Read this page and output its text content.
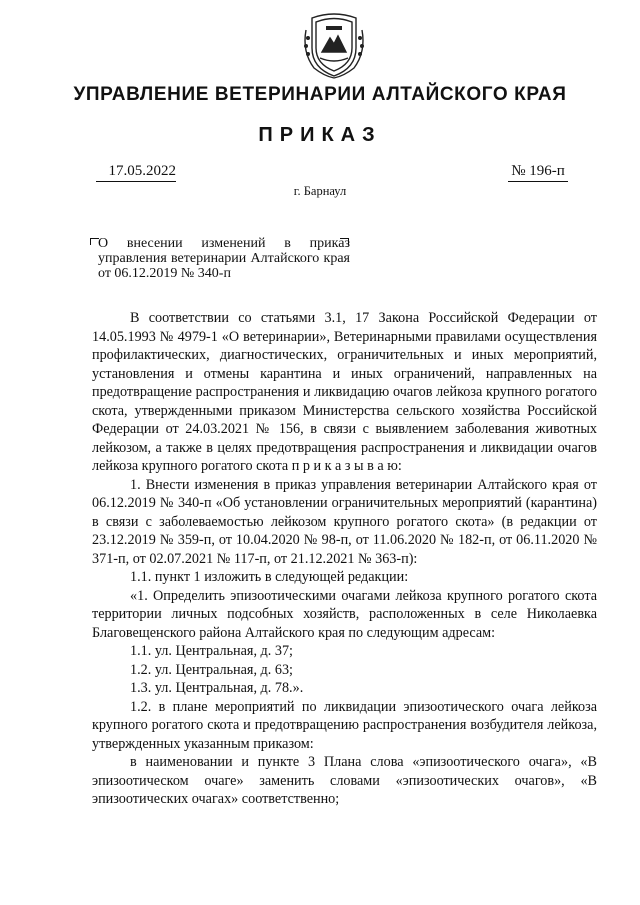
УПРАВЛЕНИЕ ВЕТЕРИНАРИИ АЛТАЙСКОГО КРАЯ
ПРИКАЗ
17.05.2022	№ 196-п
г. Барнаул
О внесении изменений в приказ управления ветеринарии Алтайского края от 06.12.2019 № 340-п

В соответствии со статьями 3.1, 17 Закона Российской Федерации от 14.05.1993 № 4979-1 «О ветеринарии», Ветеринарными правилами осуществления профилактических, диагностических, ограничительных и иных мероприятий, установления и отмены карантина и иных ограничений, направленных на предотвращение распространения и ликвидацию очагов лейкоза крупного рогатого скота, утвержденными приказом Министерства сельского хозяйства Российской Федерации от 24.03.2021 № 156, в связи с выявлением заболевания животных лейкозом, а также в целях предотвращения распространения и ликвидации очагов лейкоза крупного рогатого скота п р и к а з ы в а ю:

1. Внести изменения в приказ управления ветеринарии Алтайского края от 06.12.2019 № 340-п «Об установлении ограничительных мероприятий (карантина) в связи с заболеваемостью лейкозом крупного рогатого скота» (в редакции от 23.12.2019 № 359-п, от 10.04.2020 № 98-п, от 11.06.2020 № 182-п, от 06.11.2020 № 371-п, от 02.07.2021 № 117-п, от 21.12.2021 № 363-п):

1.1. пункт 1 изложить в следующей редакции:

«1. Определить эпизоотическими очагами лейкоза крупного рогатого скота территории личных подсобных хозяйств, расположенных в селе Николаевка Благовещенского района Алтайского края по следующим адресам:

1.1. ул. Центральная, д. 37;

1.2. ул. Центральная, д. 63;

1.3. ул. Центральная, д. 78.».

1.2. в плане мероприятий по ликвидации эпизоотического очага лейкоза крупного рогатого скота и предотвращению распространения возбудителя лейкоза, утвержденных указанным приказом:

в наименовании и пункте 3 Плана слова «эпизоотического очага», «В эпизоотическом очаге» заменить словами «эпизоотических очагов», «В эпизоотических очагах» соответственно;
